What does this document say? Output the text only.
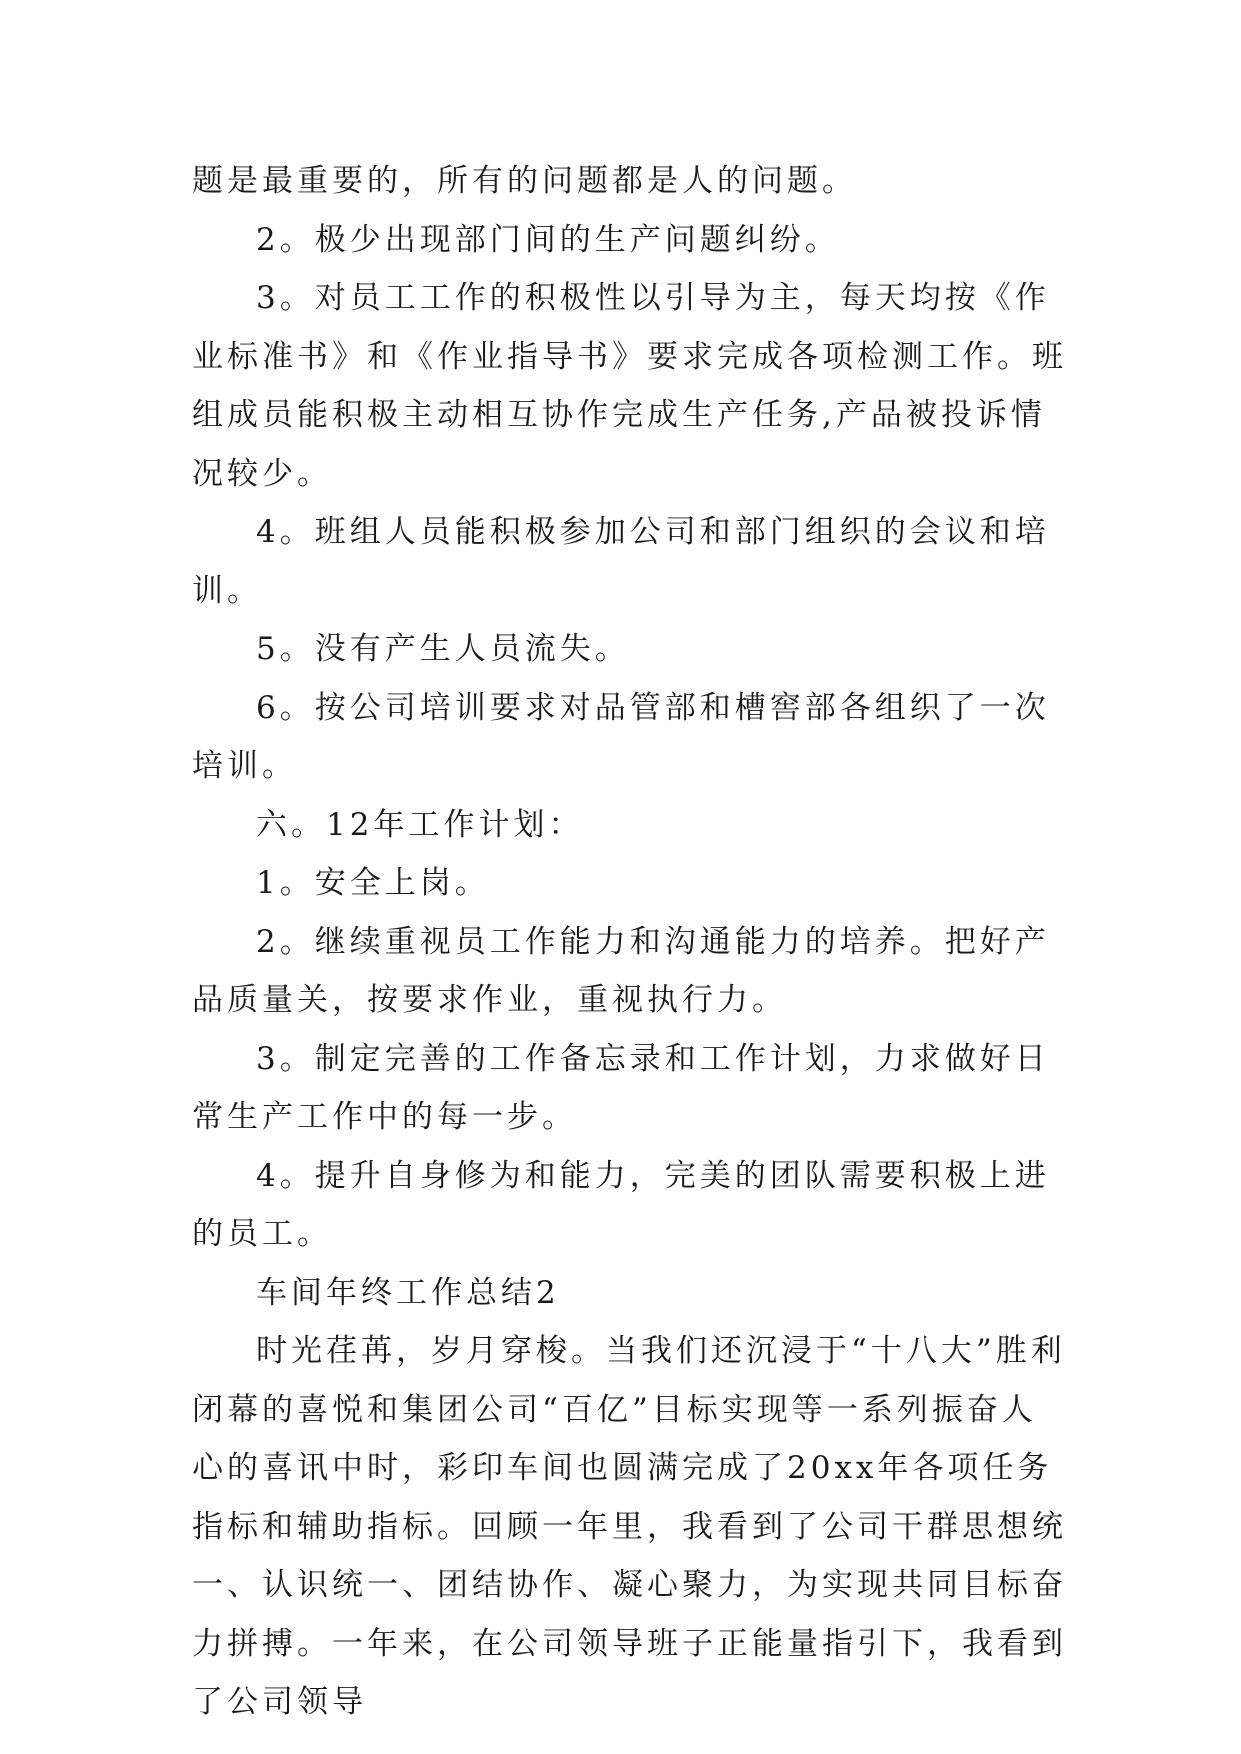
题是最重要的，所有的问题都是人的问题。

2。极少出现部门间的生产问题纠纷。

3。对员工工作的积极性以引导为主，每天均按《作业标准书》和《作业指导书》要求完成各项检测工作。班组成员能积极主动相互协作完成生产任务,产品被投诉情况较少。

4。班组人员能积极参加公司和部门组织的会议和培训。

5。没有产生人员流失。

6。按公司培训要求对品管部和槽窖部各组织了一次培训。

六。12年工作计划：

1。安全上岗。

2。继续重视员工作能力和沟通能力的培养。把好产品质量关，按要求作业，重视执行力。

3。制定完善的工作备忘录和工作计划，力求做好日常生产工作中的每一步。

4。提升自身修为和能力，完美的团队需要积极上进的员工。

车间年终工作总结2

时光荏苒，岁月穿梭。当我们还沉浸于“十八大”胜利闭幕的喜悦和集团公司“百亿”目标实现等一系列振奋人心的喜讯中时，彩印车间也圆满完成了20xx年各项任务指标和辅助指标。回顾一年里，我看到了公司干群思想统一、认识统一、团结协作、凝心聚力，为实现共同目标奋力拼搏。一年来，在公司领导班子正能量指引下，我看到了公司领导
